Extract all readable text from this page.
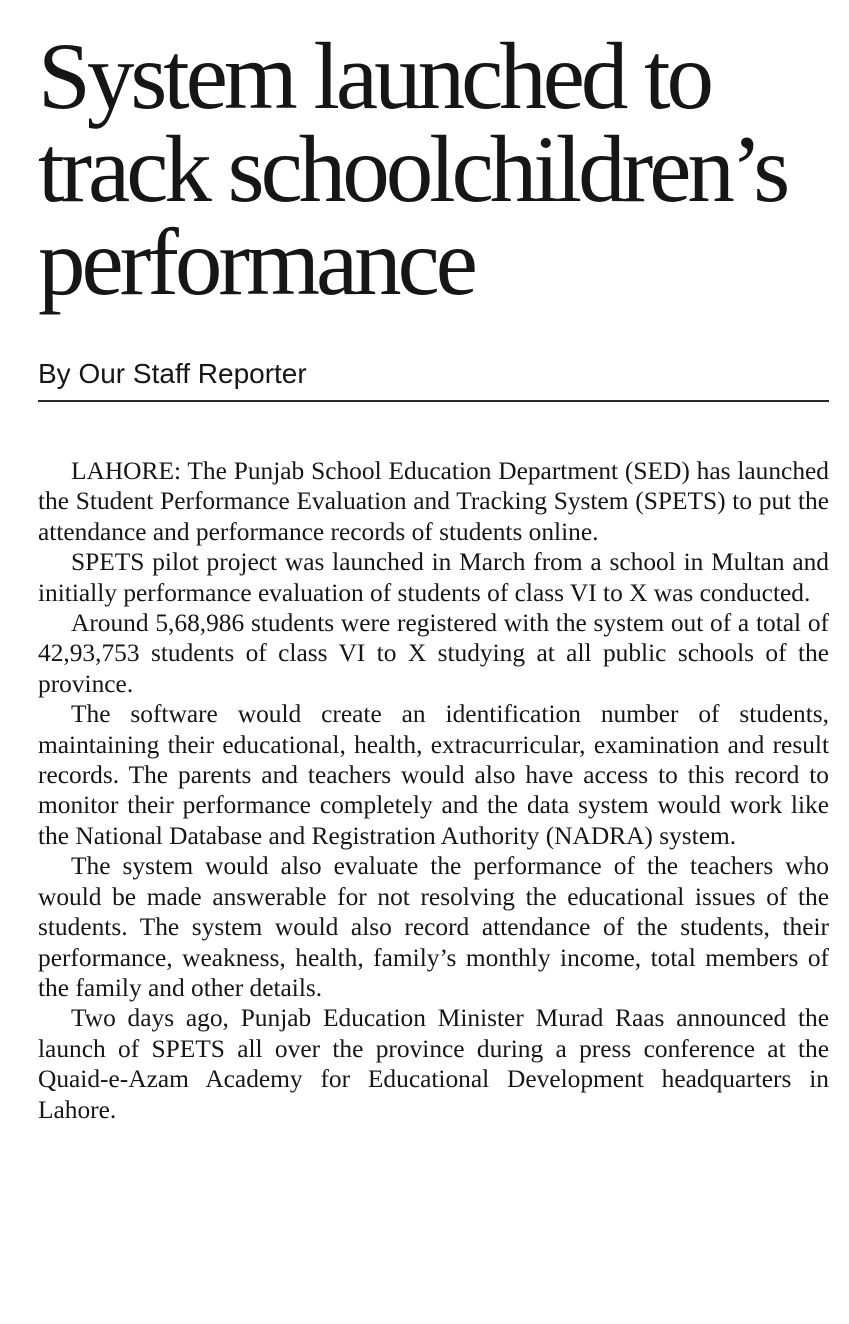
System launched to track schoolchildren’s performance
By Our Staff Reporter

LAHORE: The Punjab School Education Department (SED) has launched the Student Performance Evaluation and Tracking System (SPETS) to put the attendance and performance records of students online.

SPETS pilot project was launched in March from a school in Multan and initially performance evaluation of students of class VI to X was conducted.

Around 5,68,986 students were registered with the system out of a total of 42,93,753 students of class VI to X studying at all public schools of the province.

The software would create an identification number of students, maintaining their educational, health, extracurricular, examination and result records. The parents and teachers would also have access to this record to monitor their performance completely and the data system would work like the National Database and Registration Authority (NADRA) system.

The system would also evaluate the performance of the teachers who would be made answerable for not resolving the educational issues of the students. The system would also record attendance of the students, their performance, weakness, health, family’s monthly income, total members of the family and other details.

Two days ago, Punjab Education Minister Murad Raas announced the launch of SPETS all over the province during a press conference at the Quaid-e-Azam Academy for Educational Development headquarters in Lahore.
